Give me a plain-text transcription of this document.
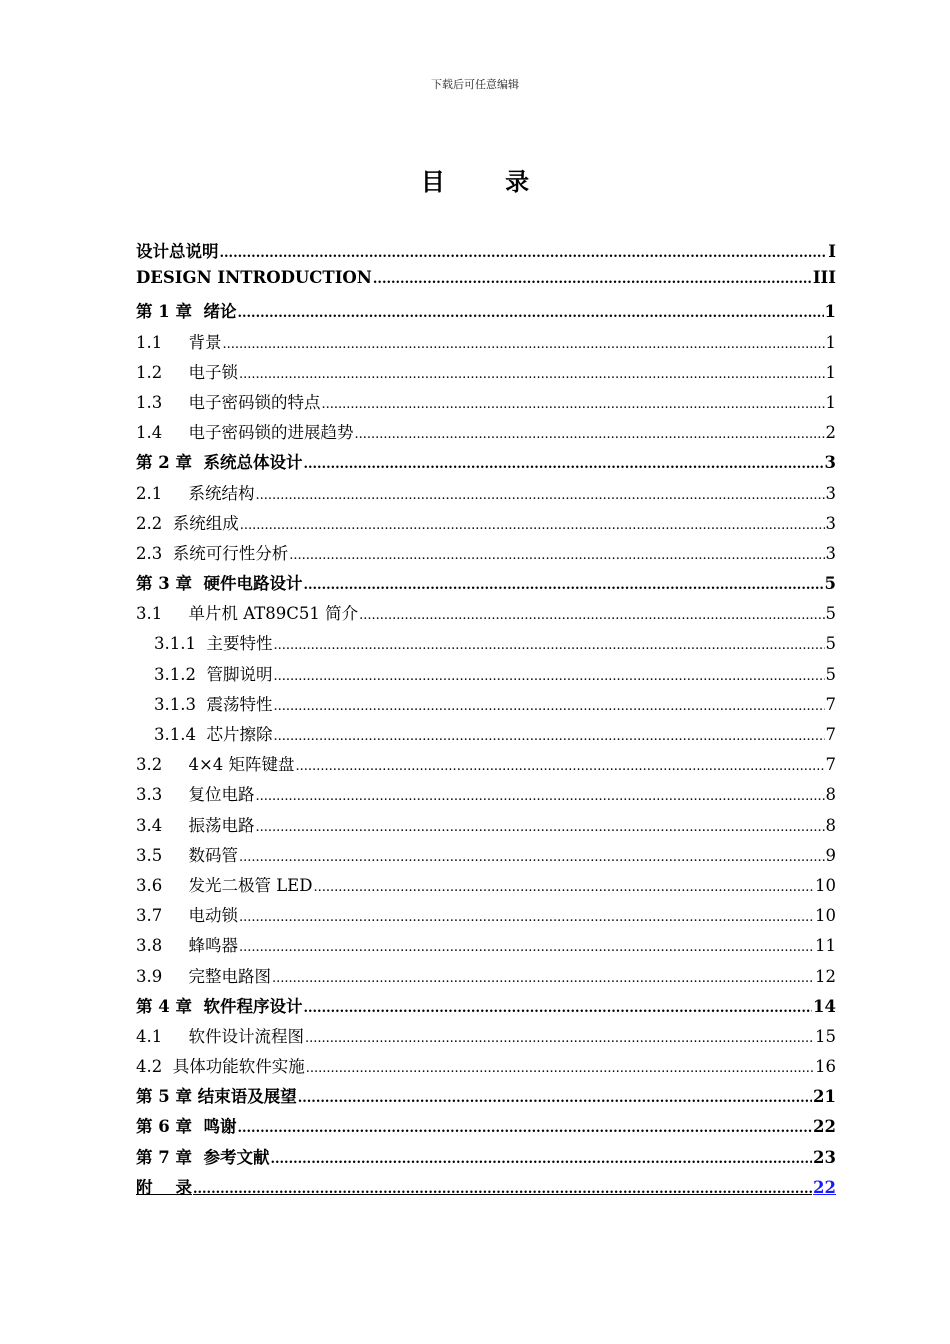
下载后可任意编辑
目 录
设计总说明 .....	I
DESIGN INTRODUCTION .....	III
第 1 章  绪论 .....	1
1.1     背景 .....	1
1.2     电子锁 .....	1
1.3     电子密码锁的特点 .....	1
1.4     电子密码锁的进展趋势 .....	2
第 2 章  系统总体设计 .....	3
2.1     系统结构 .....	3
2.2  系统组成 .....	3
2.3  系统可行性分析 .....	3
第 3 章  硬件电路设计 .....	5
3.1     单片机 AT89C51 简介 .....	5
3.1.1  主要特性 .....	5
3.1.2  管脚说明 .....	5
3.1.3  震荡特性 .....	7
3.1.4  芯片擦除 .....	7
3.2     4×4 矩阵键盘 .....	7
3.3     复位电路 .....	8
3.4     振荡电路 .....	8
3.5     数码管 .....	9
3.6     发光二极管 LED .....	10
3.7     电动锁 .....	10
3.8     蜂鸣器 .....	11
3.9     完整电路图 .....	12
第 4 章  软件程序设计 .....	14
4.1     软件设计流程图 .....	15
4.2  具体功能软件实施 .....	16
第 5 章 结束语及展望 .....	21
第 6 章  鸣谢 .....	22
第 7 章  参考文献 .....	23
附    录 .....	22
